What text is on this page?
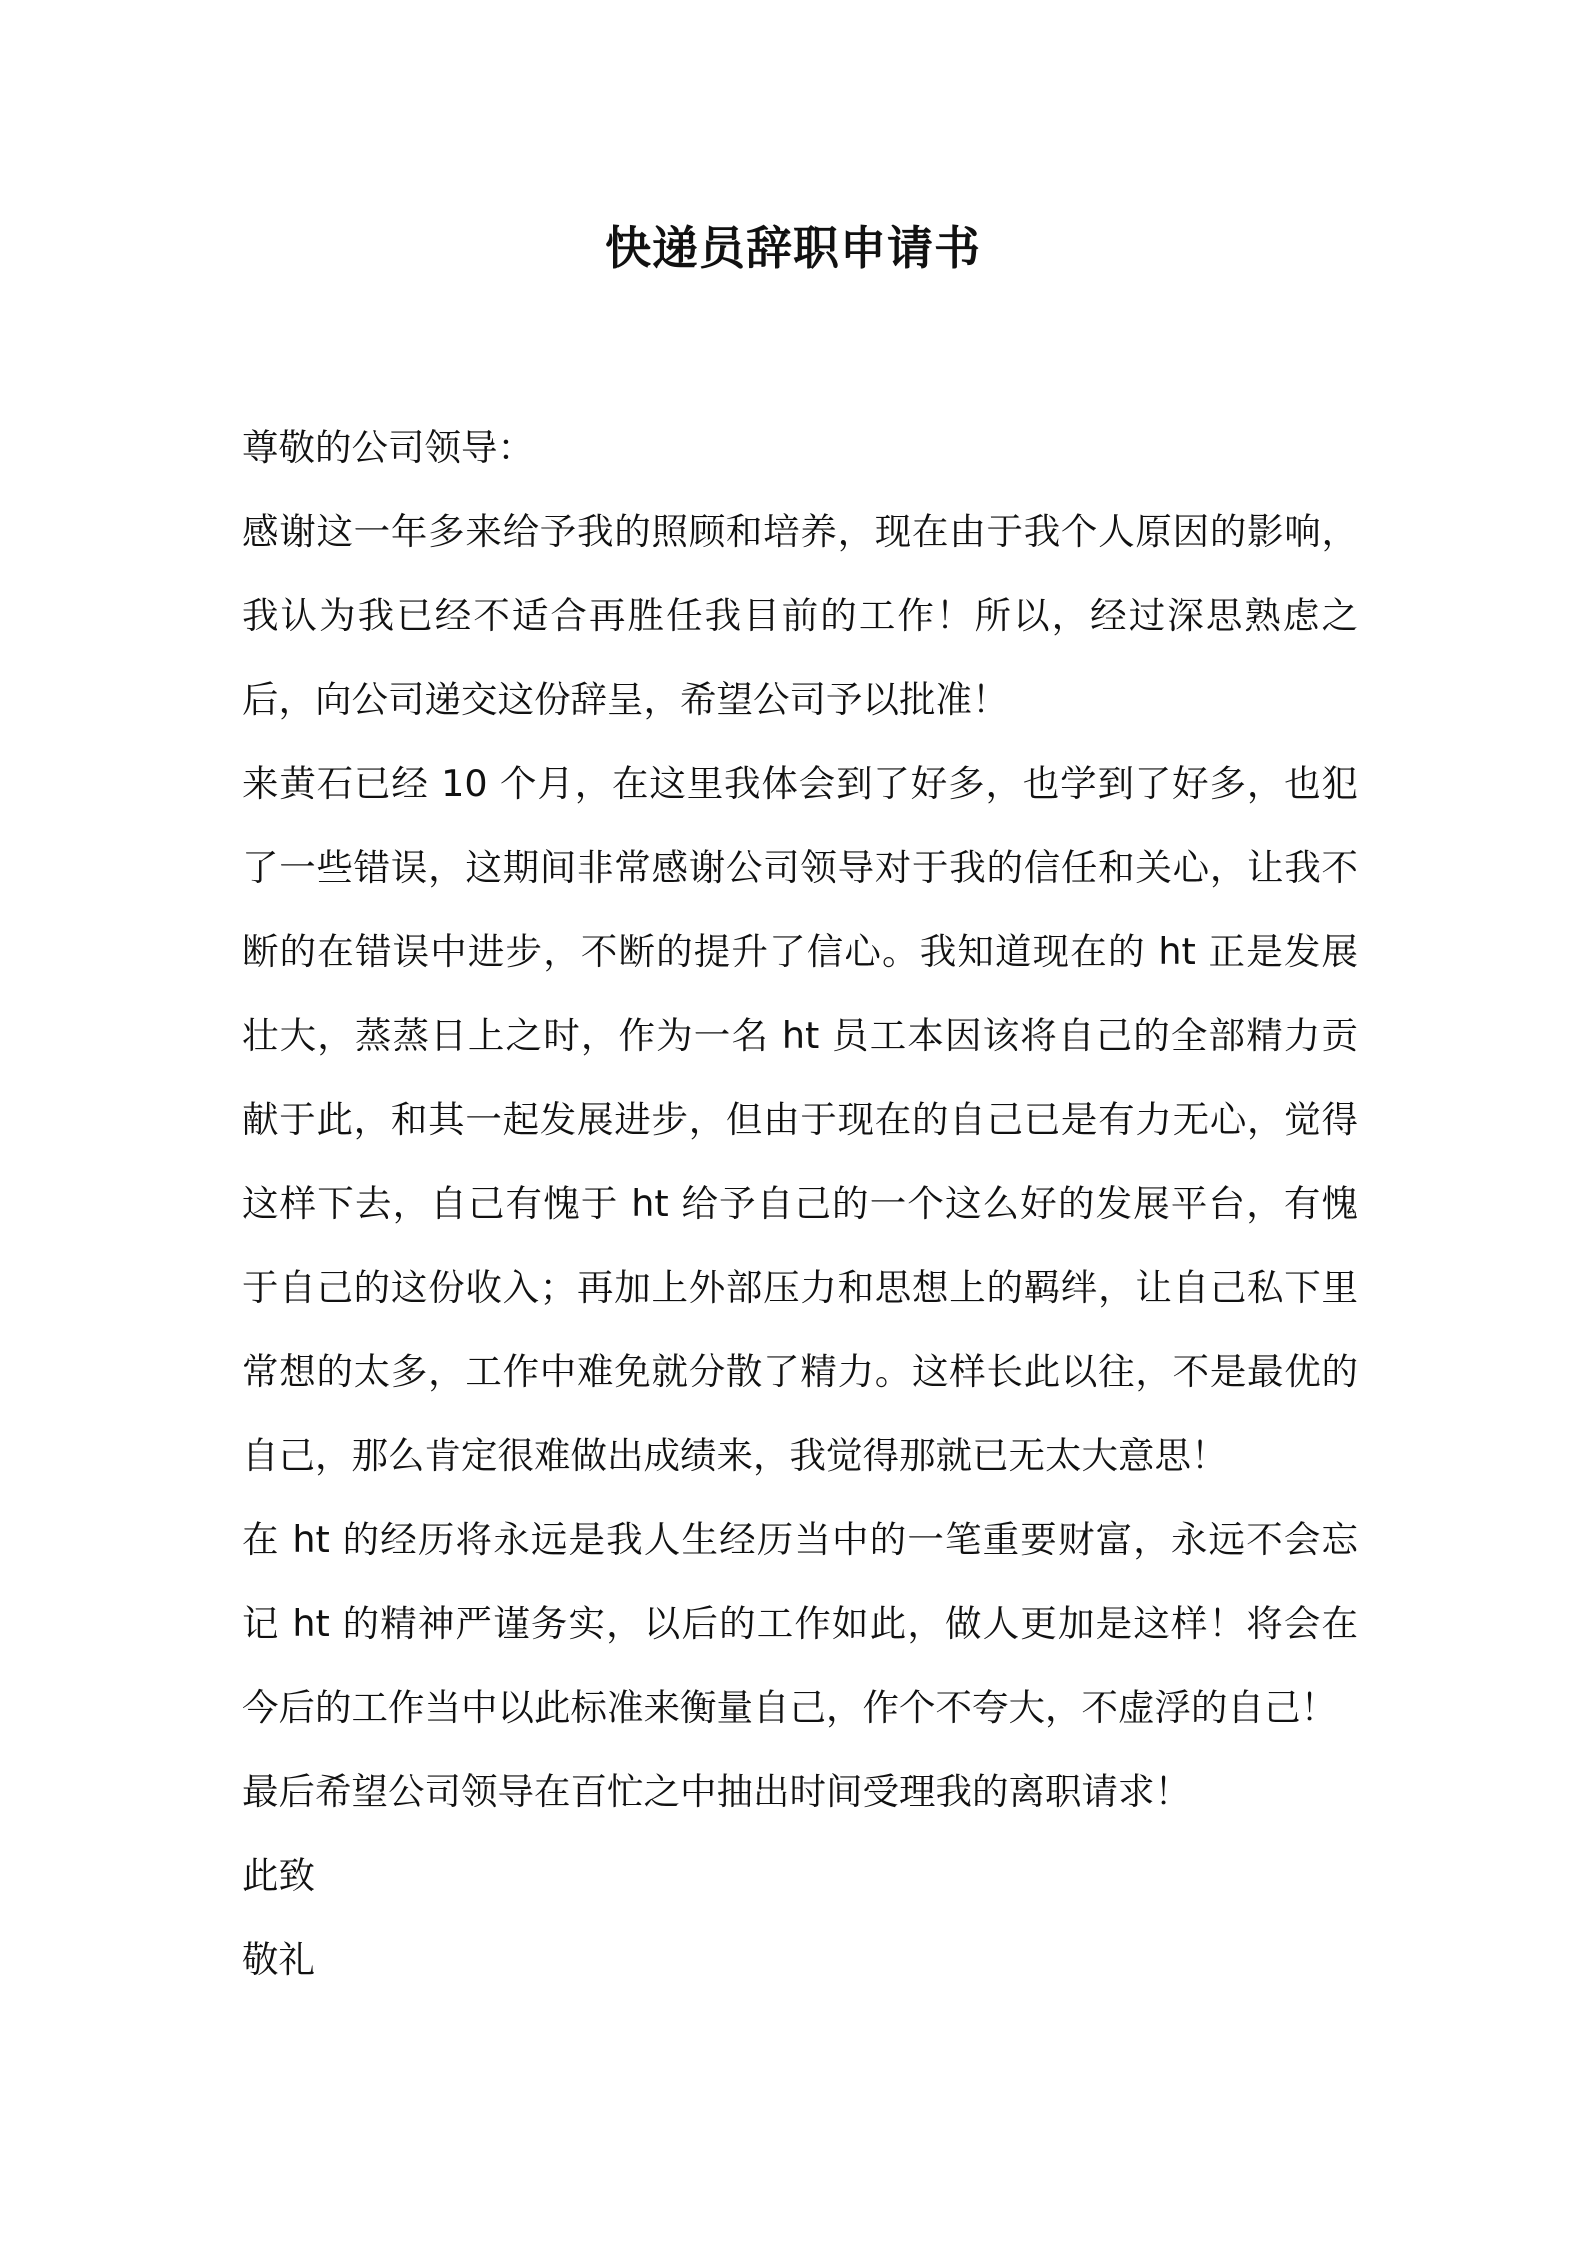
快递员辞职申请书

尊敬的公司领导：

感谢这一年多来给予我的照顾和培养，现在由于我个人原因的影响，我认为我已经不适合再胜任我目前的工作！所以，经过深思熟虑之后，向公司递交这份辞呈，希望公司予以批准！

来黄石已经 10 个月，在这里我体会到了好多，也学到了好多，也犯了一些错误，这期间非常感谢公司领导对于我的信任和关心，让我不断的在错误中进步，不断的提升了信心。我知道现在的 ht 正是发展壮大，蒸蒸日上之时，作为一名 ht 员工本因该将自己的全部精力贡献于此，和其一起发展进步，但由于现在的自己已是有力无心，觉得这样下去，自己有愧于 ht 给予自己的一个这么好的发展平台，有愧于自己的这份收入；再加上外部压力和思想上的羁绊，让自己私下里常想的太多，工作中难免就分散了精力。这样长此以往，不是最优的自己，那么肯定很难做出成绩来，我觉得那就已无太大意思！

在 ht 的经历将永远是我人生经历当中的一笔重要财富，永远不会忘记 ht 的精神严谨务实，以后的工作如此，做人更加是这样！将会在今后的工作当中以此标准来衡量自己，作个不夸大，不虚浮的自己！

最后希望公司领导在百忙之中抽出时间受理我的离职请求！

此致

敬礼
